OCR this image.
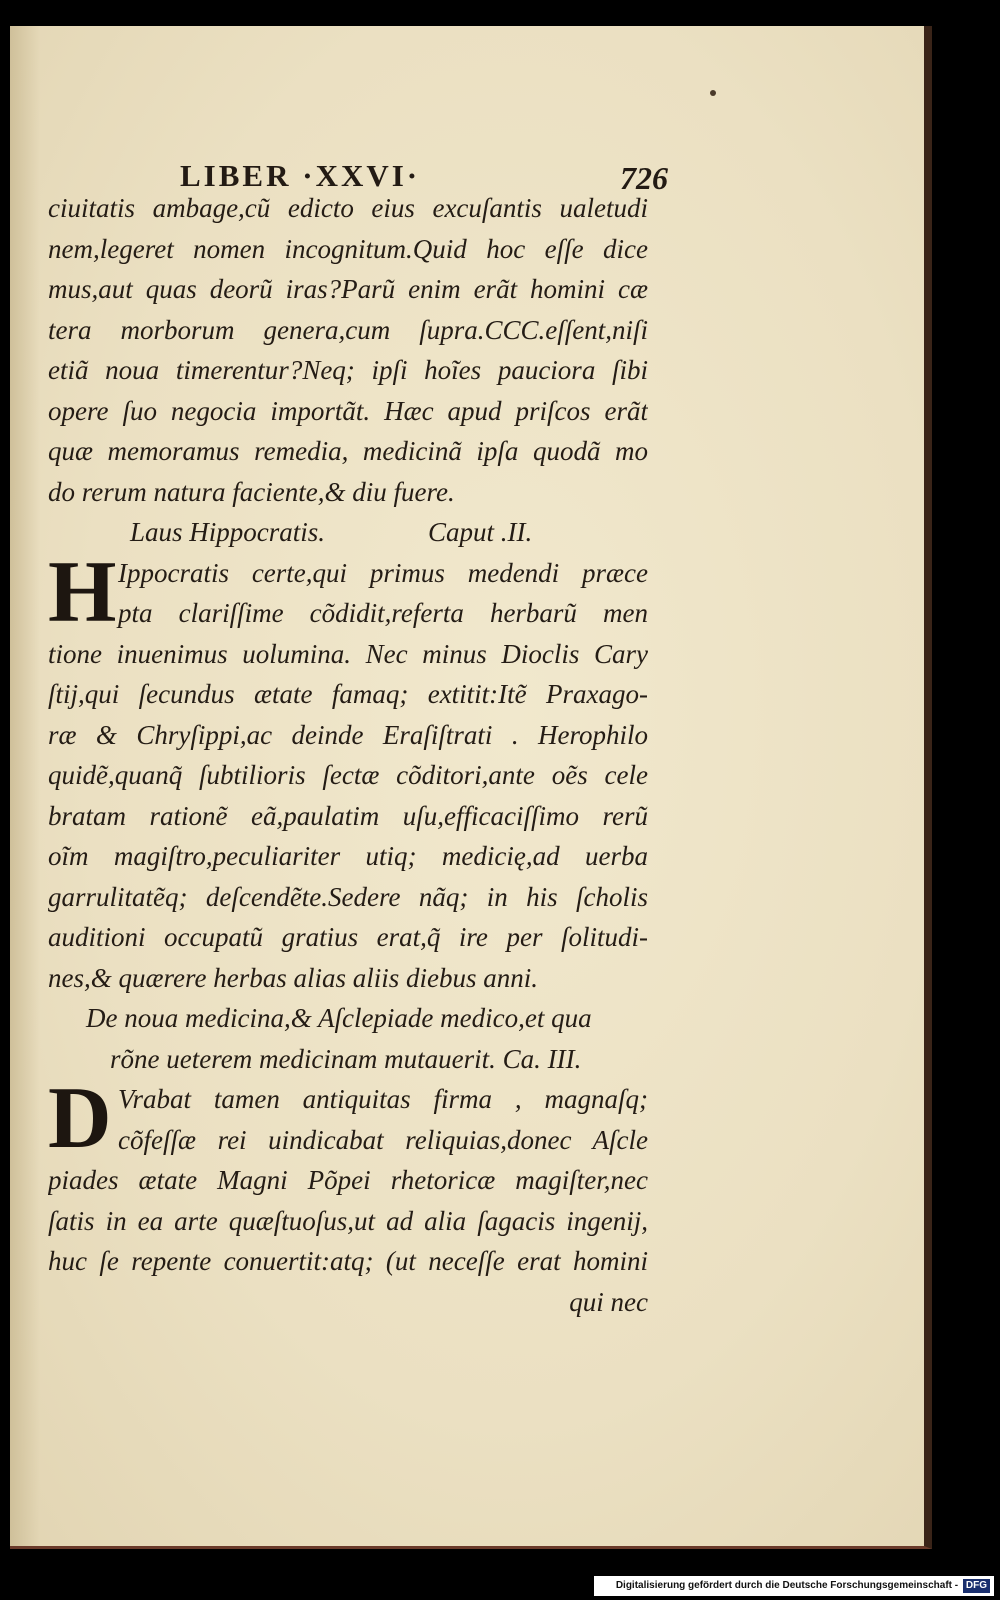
LIBER ·XXVI·	726
ciuitatis ambage,cũ edicto eius excuſantis ualetudi
nem,legeret nomen incognitum.Quid hoc eſſe dice
mus,aut quas deorũ iras?Parũ enim erãt homini cæ
tera morborum genera,cum ſupra.CCC.eſſent,niſi
etiã noua timerentur?Neq; ipſi hoĩes pauciora ſibi
opere ſuo negocia importãt. Hæc apud priſcos erãt
quæ memoramus remedia, medicinã ipſa quodã mo
do rerum natura faciente,& diu fuere.
Laus Hippocratis.	Caput .II.
H Ippocratis certe,qui primus medendi præce
pta clariſſime cõdidit,referta herbarũ men
tione inuenimus uolumina. Nec minus Dioclis Cary
ſtij,qui ſecundus ætate famaq; extitit:Itẽ Praxago-
ræ & Chryſippi,ac deinde Eraſiſtrati . Herophilo
quidẽ,quanq̃ ſubtilioris ſectæ cõditori,ante oẽs cele
bratam rationẽ eã,paulatim uſu,efficaciſſimo rerũ
oĩm magiſtro,peculiariter utiq; medicię,ad uerba
garrulitatẽq; deſcendẽte.Sedere nãq; in his ſcholis
auditioni occupatũ gratius erat,q̃ ire per ſolitudi-
nes,& quærere herbas alias aliis diebus anni.
De noua medicina,& Aſclepiade medico,et qua
rõne ueterem medicinam mutauerit. Ca. III.
D Vrabat tamen antiquitas firma , magnaſq;
cõfeſſæ rei uindicabat reliquias,donec Aſcle
piades ætate Magni Põpei rhetoricæ magiſter,nec
ſatis in ea arte quæſtuoſus,ut ad alia ſagacis ingenij,
huc ſe repente conuertit:atq; (ut neceſſe erat homini
qui nec
Digitalisierung gefördert durch die Deutsche Forschungsgemeinschaft - DFG
